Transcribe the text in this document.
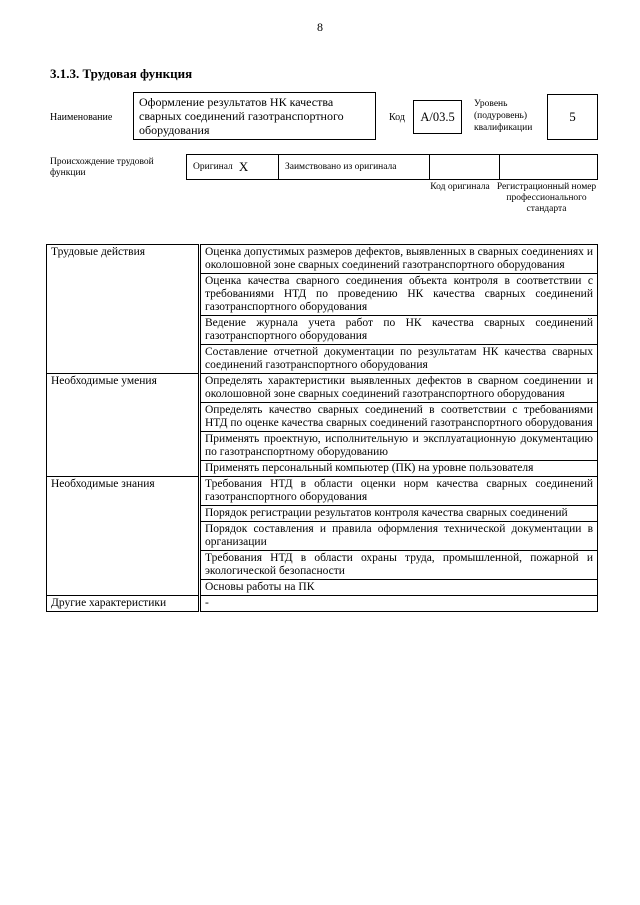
8
3.1.3. Трудовая функция
Наименование
Оформление результатов НК качества сварных соединений газотранспортного оборудования
Код	A/03.5
Уровень (подуровень) квалификации
5
Происхождение трудовой функции
Оригинал X	Заимствовано из оригинала
Код оригинала Регистрационный номер профессионального стандарта
Трудовые действия	Оценка допустимых размеров дефектов, выявленных в сварных соединениях и околошовной зоне сварных соединений газотранспортного оборудования
	Оценка качества сварного соединения объекта контроля в соответствии с требованиями НТД по проведению НК качества сварных соединений газотранспортного оборудования
	Ведение журнала учета работ по НК качества сварных соединений газотранспортного оборудования
	Составление отчетной документации по результатам НК качества сварных соединений газотранспортного оборудования
Необходимые умения	Определять характеристики выявленных дефектов в сварном соединении и околошовной зоне сварных соединений газотранспортного оборудования
	Определять качество сварных соединений в соответствии с требованиями НТД по оценке качества сварных соединений газотранспортного оборудования
	Применять проектную, исполнительную и эксплуатационную документацию по газотранспортному оборудованию
	Применять персональный компьютер (ПК) на уровне пользователя
Необходимые знания	Требования НТД в области оценки норм качества сварных соединений газотранспортного оборудования
	Порядок регистрации результатов контроля качества сварных соединений
	Порядок составления и правила оформления технической документации в организации
	Требования НТД в области охраны труда, промышленной, пожарной и экологической безопасности
	Основы работы на ПК
Другие характеристики	-
